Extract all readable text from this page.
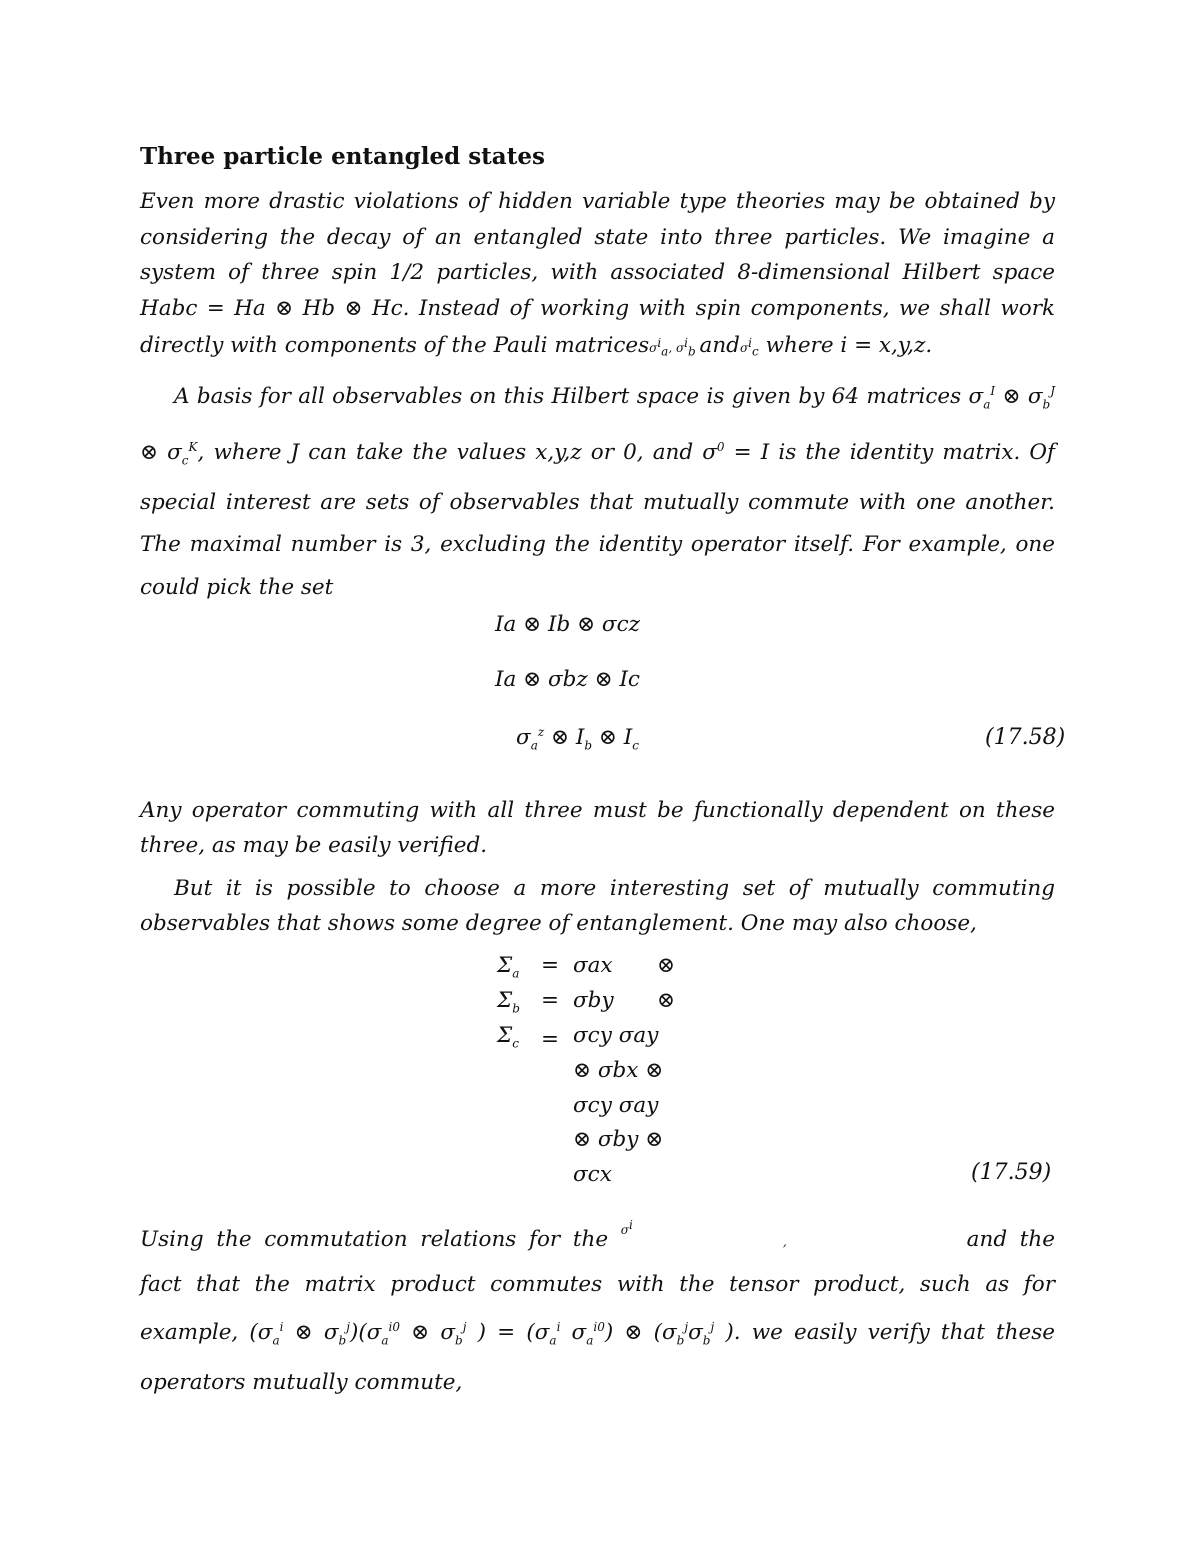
Three particle entangled states
Even more drastic violations of hidden variable type theories may be obtained by considering the decay of an entangled state into three particles. We imagine a system of three spin 1/2 particles, with associated 8-dimensional Hilbert space Habc = Ha ⊗ Hb ⊗ Hc. Instead of working with spin components, we shall work directly with components of the Pauli matricesσ$^i_a$, $\sigma^i_b$ andσ$^i_c$ where i = x,y,z.
A basis for all observables on this Hilbert space is given by 64 matrices $\sigma_a^I$ ⊗ $\sigma_b^J$ ⊗ $\sigma_c^K$, where J can take the values x,y,z or 0, and $\sigma^0 = I$ is the identity matrix. Of special interest are sets of observables that mutually commute with one another. The maximal number is 3, excluding the identity operator itself. For example, one could pick the set
Ia ⊗ Ib ⊗ σcz
Ia ⊗ σbz ⊗ Ic
$\sigma_a^z$ ⊗ $I_b$ ⊗ $I_c$	(17.58)
Any operator commuting with all three must be functionally dependent on these three, as may be easily verified.
But it is possible to choose a more interesting set of mutually commuting observables that shows some degree of entanglement. One may also choose,
$\Sigma_a$
$\Sigma_b$
$\Sigma_c$
=
=
=
σax
σby
σcy σay
⊗ σbx ⊗
σcy σay
⊗ σby ⊗
σcx
⊗
⊗
(17.59)
Using the commutation relations for the $^{\sigma^i}$,	and the fact that the matrix product commutes with the tensor product, such as for example, ($\sigma_a^i$ ⊗ $\sigma_b^j)(\sigma_a^{i0}$ ⊗ $\sigma_b^j$ ) = ($\sigma_a^i$ $\sigma_a^{i0}$) ⊗ ($\sigma_b^j\sigma_b^j$ ). we easily verify that these operators mutually commute,
